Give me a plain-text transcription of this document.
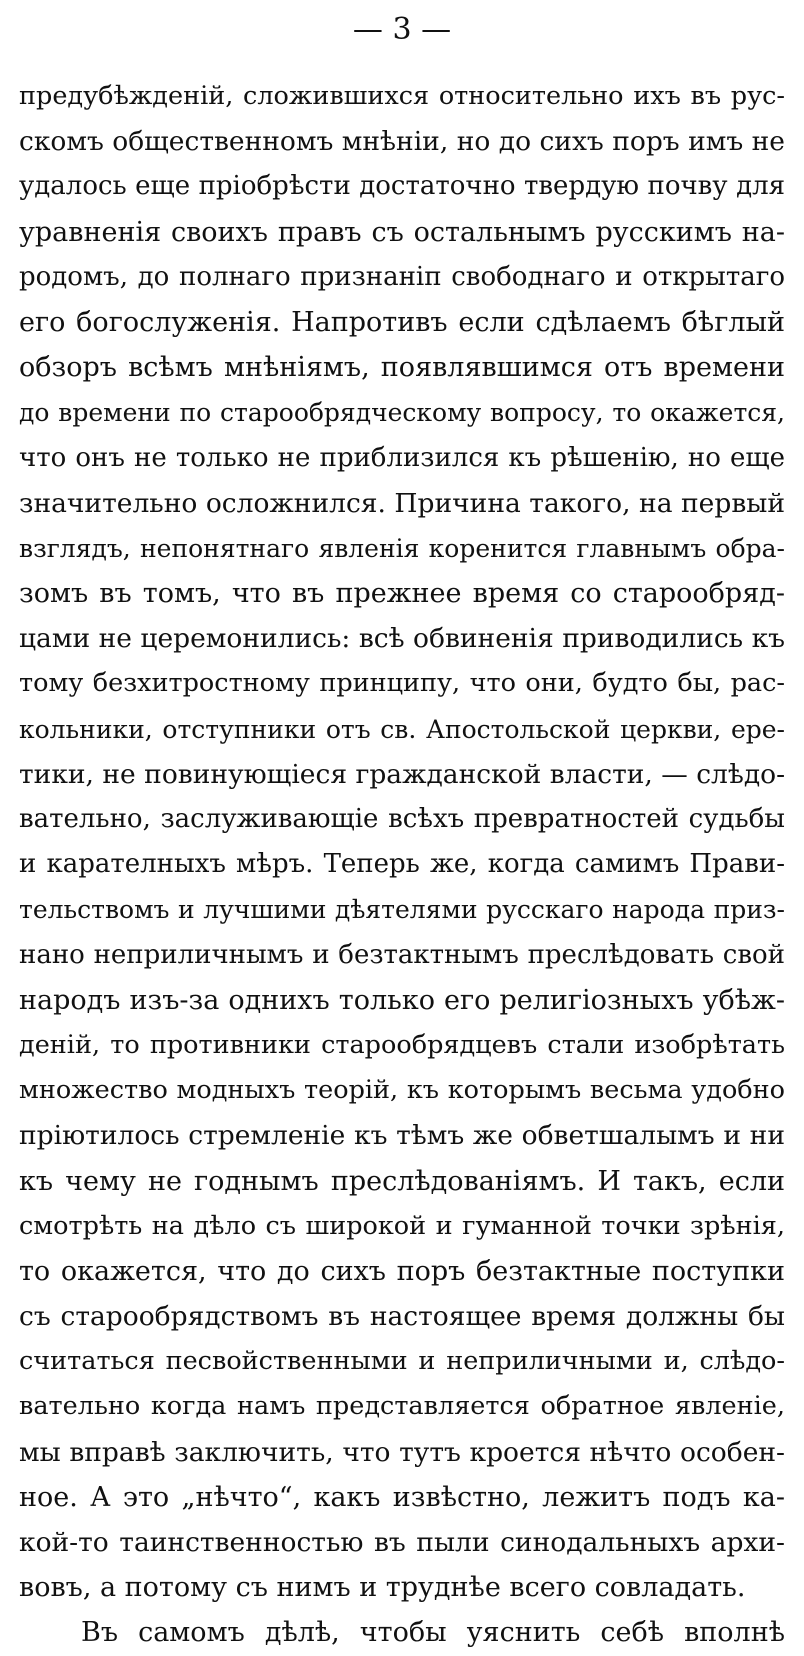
— 3 —
предубѣжденій, сложившихся относительно ихъ въ рус-
скомъ общественномъ мнѣніи, но до сихъ поръ имъ не
удалось еще пріобрѣсти достаточно твердую почву для
уравненія своихъ правъ съ остальнымъ русскимъ на-
родомъ, до полнаго признаніп свободнаго и открытаго
его богослуженія. Напротивъ если сдѣлаемъ бѣглый
обзоръ всѣмъ мнѣніямъ, появлявшимся отъ времени
до времени по старообрядческому вопросу, то окажется,
что онъ не только не приблизился къ рѣшенію, но еще
значительно осложнился. Причина такого, на первый
взглядъ, непонятнаго явленія коренится главнымъ обра-
зомъ въ томъ, что въ прежнее время со старообряд-
цами не церемонились: всѣ обвиненія приводились къ
тому безхитростному принципу, что они, будто бы, рас-
кольники, отступники отъ св. Апостольской церкви, ере-
тики, не повинующіеся гражданской власти, — слѣдо-
вательно, заслуживающіе всѣхъ превратностей судьбы
и карателныхъ мѣръ. Теперь же, когда самимъ Прави-
тельствомъ и лучшими дѣятелями русскаго народа приз-
нано неприличнымъ и безтактнымъ преслѣдовать свой
народъ изъ-за однихъ только его религіозныхъ убѣж-
деній, то противники старообрядцевъ стали изобрѣтать
множество модныхъ теорій, къ которымъ весьма удобно
пріютилось стремленіе къ тѣмъ же обветшалымъ и ни
къ чему не годнымъ преслѣдованіямъ. И такъ, если
смотрѣть на дѣло съ широкой и гуманной точки зрѣнія,
то окажется, что до сихъ поръ безтактные поступки
съ старообрядствомъ въ настоящее время должны бы
считаться песвойственными и неприличными и, слѣдо-
вательно когда намъ представляется обратное явленіе,
мы вправѣ заключить, что тутъ кроется нѣчто особен-
ное. А это „нѣчто“, какъ извѣстно, лежитъ подъ ка-
кой-то таинственностью въ пыли синодальныхъ архи-
вовъ, а потому съ нимъ и труднѣе всего совладать.
Въ самомъ дѣлѣ, чтобы уяснить себѣ вполнѣ
